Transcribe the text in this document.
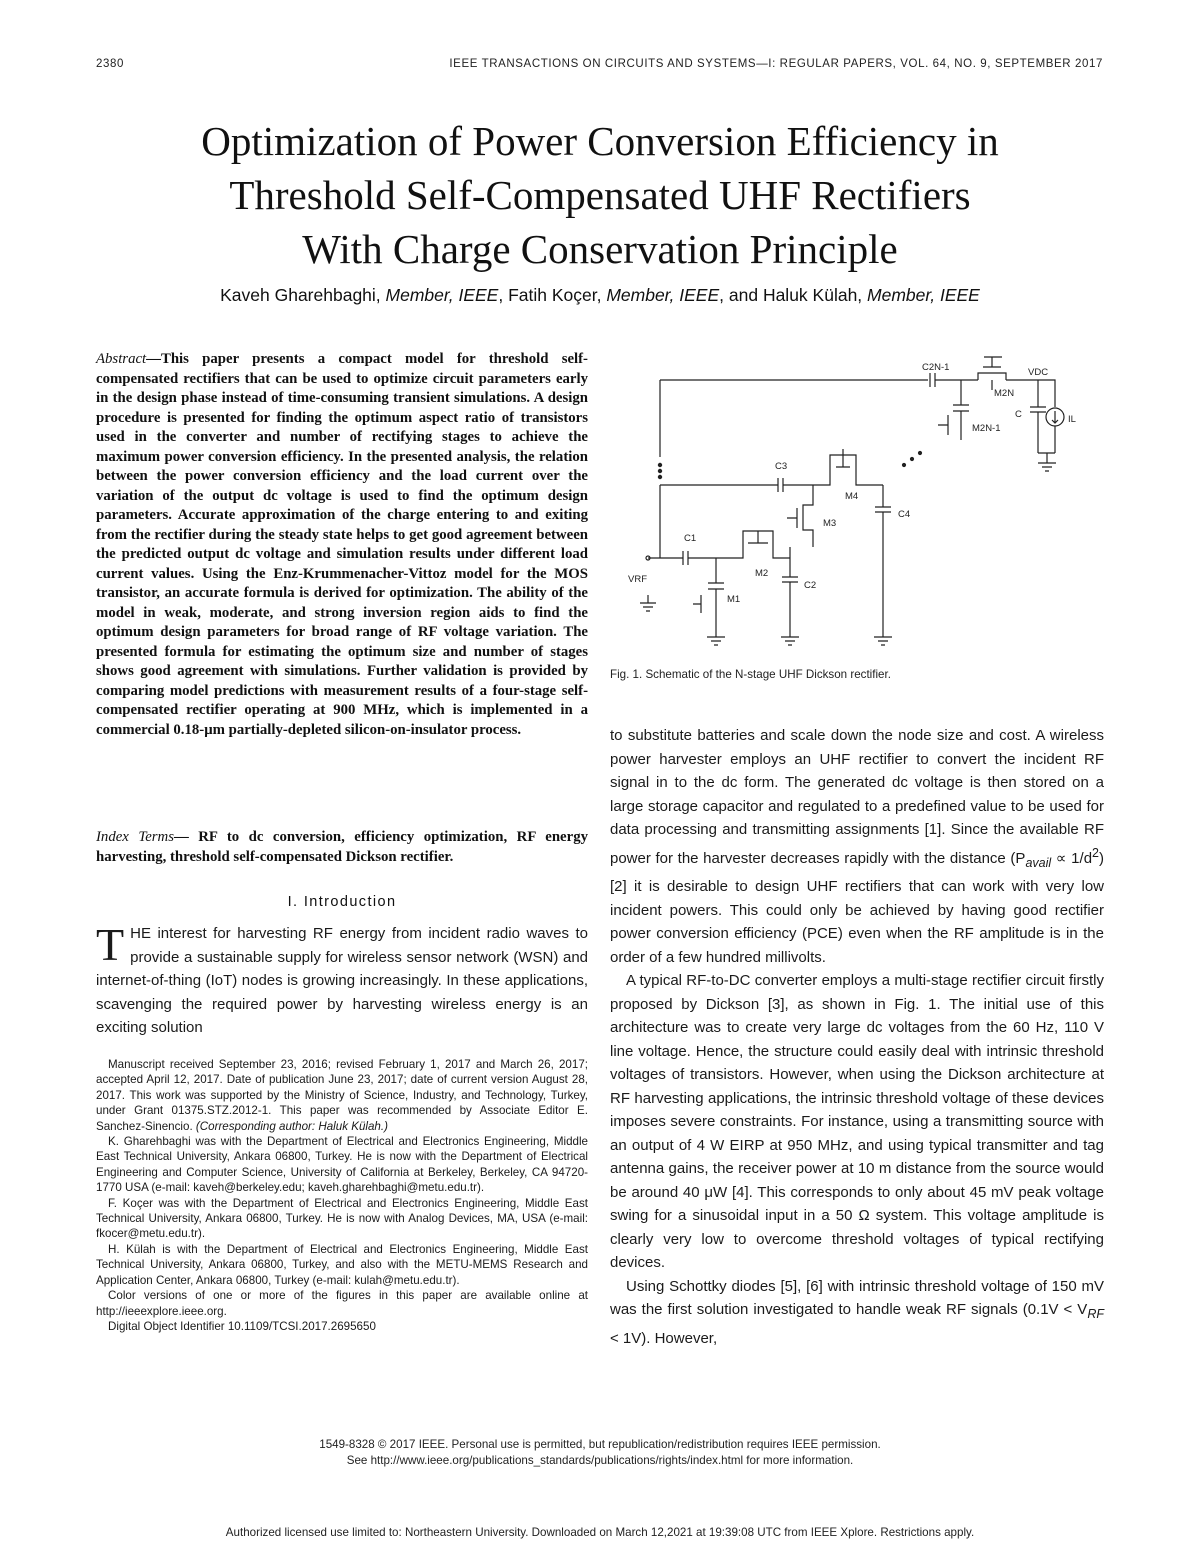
2380	IEEE TRANSACTIONS ON CIRCUITS AND SYSTEMS—I: REGULAR PAPERS, VOL. 64, NO. 9, SEPTEMBER 2017
Optimization of Power Conversion Efficiency in
Threshold Self-Compensated UHF Rectifiers
With Charge Conservation Principle
Kaveh Gharehbaghi, Member, IEEE, Fatih Koçer, Member, IEEE, and Haluk Külah, Member, IEEE
Abstract—This paper presents a compact model for threshold self-compensated rectifiers that can be used to optimize circuit parameters early in the design phase instead of time-consuming transient simulations. A design procedure is presented for finding the optimum aspect ratio of transistors used in the converter and number of rectifying stages to achieve the maximum power conversion efficiency. In the presented analysis, the relation between the power conversion efficiency and the load current over the variation of the output dc voltage is used to find the optimum design parameters. Accurate approximation of the charge entering to and exiting from the rectifier during the steady state helps to get good agreement between the predicted output dc voltage and simulation results under different load current values. Using the Enz-Krummenacher-Vittoz model for the MOS transistor, an accurate formula is derived for optimization. The ability of the model in weak, moderate, and strong inversion region aids to find the optimum design parameters for broad range of RF voltage variation. The presented formula for estimating the optimum size and number of stages shows good agreement with simulations. Further validation is provided by comparing model predictions with measurement results of a four-stage self-compensated rectifier operating at 900 MHz, which is implemented in a commercial 0.18-μm partially-depleted silicon-on-insulator process.
Index Terms— RF to dc conversion, efficiency optimization, RF energy harvesting, threshold self-compensated Dickson rectifier.
I. Introduction
THE interest for harvesting RF energy from incident radio waves to provide a sustainable supply for wireless sensor network (WSN) and internet-of-thing (IoT) nodes is growing increasingly. In these applications, scavenging the required power by harvesting wireless energy is an exciting solution

Manuscript received September 23, 2016; revised February 1, 2017 and March 26, 2017; accepted April 12, 2017. Date of publication June 23, 2017; date of current version August 28, 2017. This work was supported by the Ministry of Science, Industry, and Technology, Turkey, under Grant 01375.STZ.2012-1. This paper was recommended by Associate Editor E. Sanchez-Sinencio. (Corresponding author: Haluk Külah.)

K. Gharehbaghi was with the Department of Electrical and Electronics Engineering, Middle East Technical University, Ankara 06800, Turkey. He is now with the Department of Electrical Engineering and Computer Science, University of California at Berkeley, Berkeley, CA 94720-1770 USA (e-mail: kaveh@berkeley.edu; kaveh.gharehbaghi@metu.edu.tr).

F. Koçer was with the Department of Electrical and Electronics Engineering, Middle East Technical University, Ankara 06800, Turkey. He is now with Analog Devices, MA, USA (e-mail: fkocer@metu.edu.tr).

H. Külah is with the Department of Electrical and Electronics Engineering, Middle East Technical University, Ankara 06800, Turkey, and also with the METU-MEMS Research and Application Center, Ankara 06800, Turkey (e-mail: kulah@metu.edu.tr).

Color versions of one or more of the figures in this paper are available online at http://ieeexplore.ieee.org.

Digital Object Identifier 10.1109/TCSI.2017.2695650

C2N-1	VDC
M2N
C	IL
M2N-1
C3
M4
C4
M3
C1
M2
C2
M1
VRF
Fig. 1. Schematic of the N-stage UHF Dickson rectifier.

to substitute batteries and scale down the node size and cost. A wireless power harvester employs an UHF rectifier to convert the incident RF signal in to the dc form. The generated dc voltage is then stored on a large storage capacitor and regulated to a predefined value to be used for data processing and transmitting assignments [1]. Since the available RF power for the harvester decreases rapidly with the distance $(P_{avail} \propto 1/d^2)$ [2] it is desirable to design UHF rectifiers that can work with very low incident powers. This could only be achieved by having good rectifier power conversion efficiency (PCE) even when the RF amplitude is in the order of a few hundred millivolts.

A typical RF-to-DC converter employs a multi-stage rectifier circuit firstly proposed by Dickson [3], as shown in Fig. 1. The initial use of this architecture was to create very large dc voltages from the 60 Hz, 110 V line voltage. Hence, the structure could easily deal with intrinsic threshold voltages of transistors. However, when using the Dickson architecture at RF harvesting applications, the intrinsic threshold voltage of these devices imposes severe constraints. For instance, using a transmitting source with an output of 4 W EIRP at 950 MHz, and using typical transmitter and tag antenna gains, the receiver power at 10 m distance from the source would be around 40 μW [4]. This corresponds to only about 45 mV peak voltage swing for a sinusoidal input in a 50 Ω system. This voltage amplitude is clearly very low to overcome threshold voltages of typical rectifying devices.

Using Schottky diodes [5], [6] with intrinsic threshold voltage of 150 mV was the first solution investigated to handle weak RF signals $(0.1V < V_{RF} < 1V)$. However,

1549-8328 © 2017 IEEE. Personal use is permitted, but republication/redistribution requires IEEE permission.
See http://www.ieee.org/publications_standards/publications/rights/index.html for more information.
Authorized licensed use limited to: Northeastern University. Downloaded on March 12,2021 at 19:39:08 UTC from IEEE Xplore. Restrictions apply.
